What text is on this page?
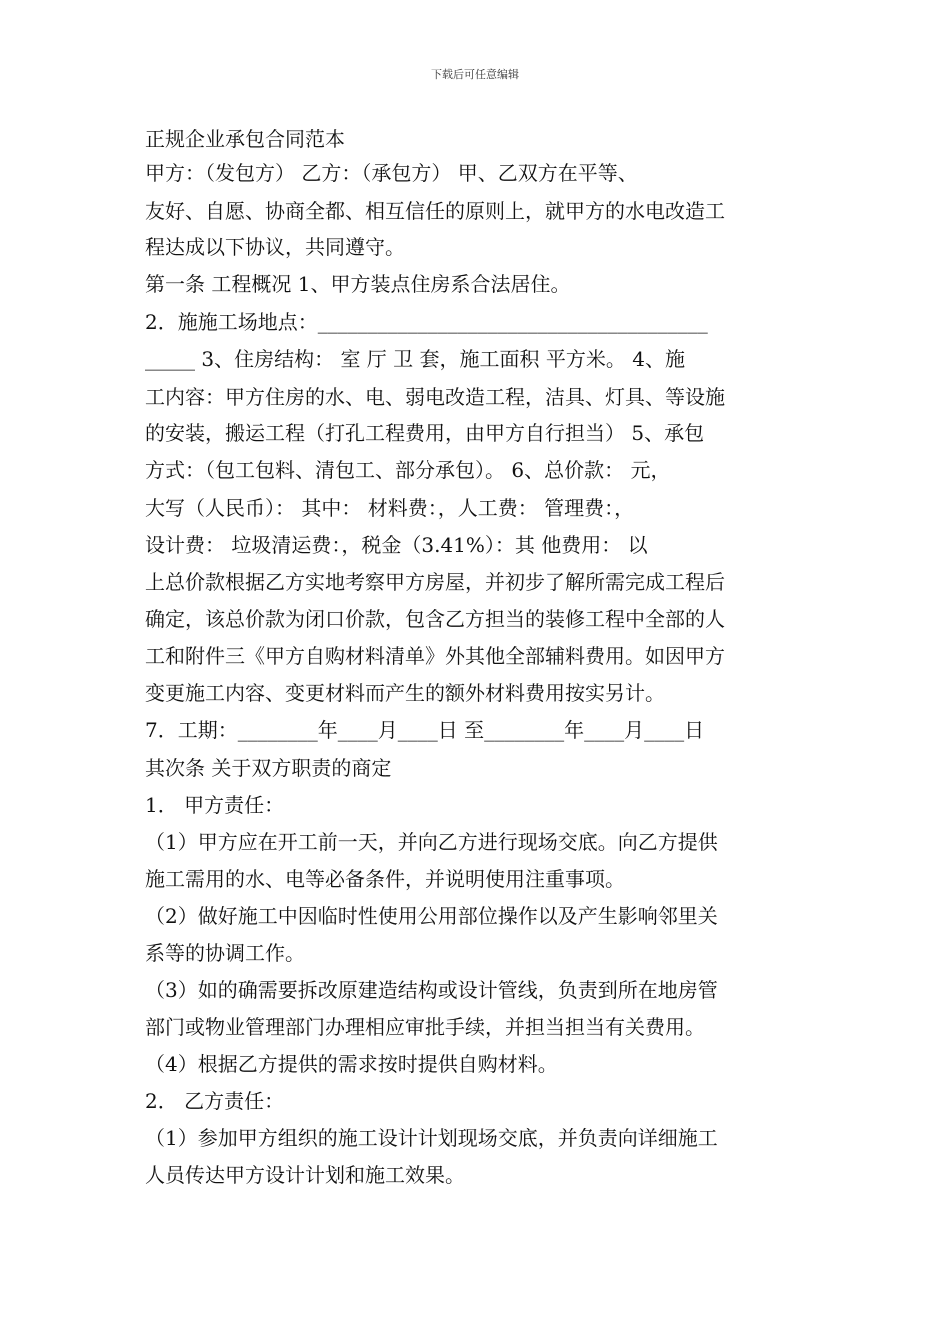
下载后可任意编辑
正规企业承包合同范本
甲方：（发包方） 乙方：（承包方） 甲、乙双方在平等、
友好、自愿、协商全都、相互信任的原则上，就甲方的水电改造工
程达成以下协议，共同遵守。
第一条 工程概况 1、甲方装点住房系合法居住。
2．施施工场地点：_______________________________________
_____ 3、住房结构： 室 厅 卫 套，施工面积 平方米。 4、施
工内容：甲方住房的水、电、弱电改造工程，洁具、灯具、等设施
的安装，搬运工程（打孔工程费用，由甲方自行担当） 5、承包
方式：（包工包料、清包工、部分承包）。 6、总价款： 元，
大写（人民币）： 其中： 材料费：，人工费： 管理费：，
设计费： 垃圾清运费：，税金（3.41%）：其 他费用： 以
上总价款根据乙方实地考察甲方房屋，并初步了解所需完成工程后
确定，该总价款为闭口价款，包含乙方担当的装修工程中全部的人
工和附件三《甲方自购材料清单》外其他全部辅料费用。如因甲方
变更施工内容、变更材料而产生的额外材料费用按实另计。
7．工期：________年____月____日 至________年____月____日
其次条 关于双方职责的商定
1． 甲方责任：
（1）甲方应在开工前一天，并向乙方进行现场交底。向乙方提供
施工需用的水、电等必备条件，并说明使用注重事项。
（2）做好施工中因临时性使用公用部位操作以及产生影响邻里关
系等的协调工作。
（3）如的确需要拆改原建造结构或设计管线，负责到所在地房管
部门或物业管理部门办理相应审批手续，并担当担当有关费用。
（4）根据乙方提供的需求按时提供自购材料。
2． 乙方责任：
（1）参加甲方组织的施工设计计划现场交底，并负责向详细施工
人员传达甲方设计计划和施工效果。
